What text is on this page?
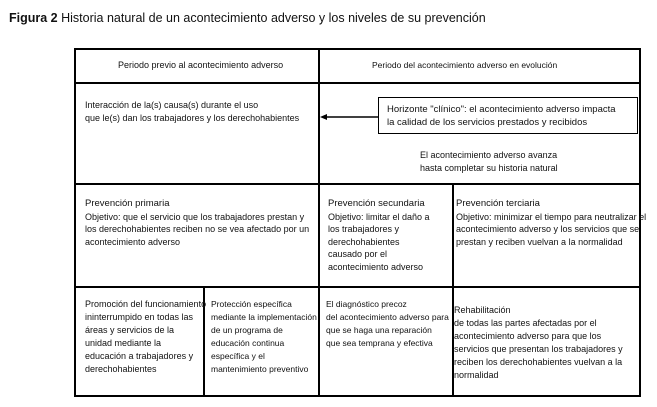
Figura 2 Historia natural de un acontecimiento adverso y los niveles de su prevención
Periodo previo al acontecimiento adverso	Periodo del acontecimiento adverso en evolución
Interacción de la(s) causa(s) durante el uso
que le(s) dan los trabajadores y los derechohabientes
Horizonte "clínico": el acontecimiento adverso impacta
la calidad de los servicios prestados y recibidos
El acontecimiento adverso avanza
hasta completar su historia natural
Prevención primaria
Objetivo: que el servicio que los trabajadores prestan y
los derechohabientes reciben no se vea afectado por un
acontecimiento adverso
Prevención secundaria
Objetivo: limitar el daño a
los trabajadores y
derechohabientes
causado por el
acontecimiento adverso
Prevención terciaria
Objetivo: minimizar el tiempo para neutralizar el
acontecimiento adverso y los servicios que se
prestan y reciben vuelvan a la normalidad
Promoción del funcionamiento
ininterrumpido en todas las
áreas y servicios de la
unidad mediante la
educación a trabajadores y
derechohabientes
Protección específica
mediante la implementación
de un programa de
educación continua
específica y el
mantenimiento preventivo
El diagnóstico precoz
del acontecimiento adverso para
que se haga una reparación
que sea temprana y efectiva
Rehabilitación
de todas las partes afectadas por el
acontecimiento adverso para que los
servicios que presentan los trabajadores y
reciben los derechohabientes vuelvan a la
normalidad
